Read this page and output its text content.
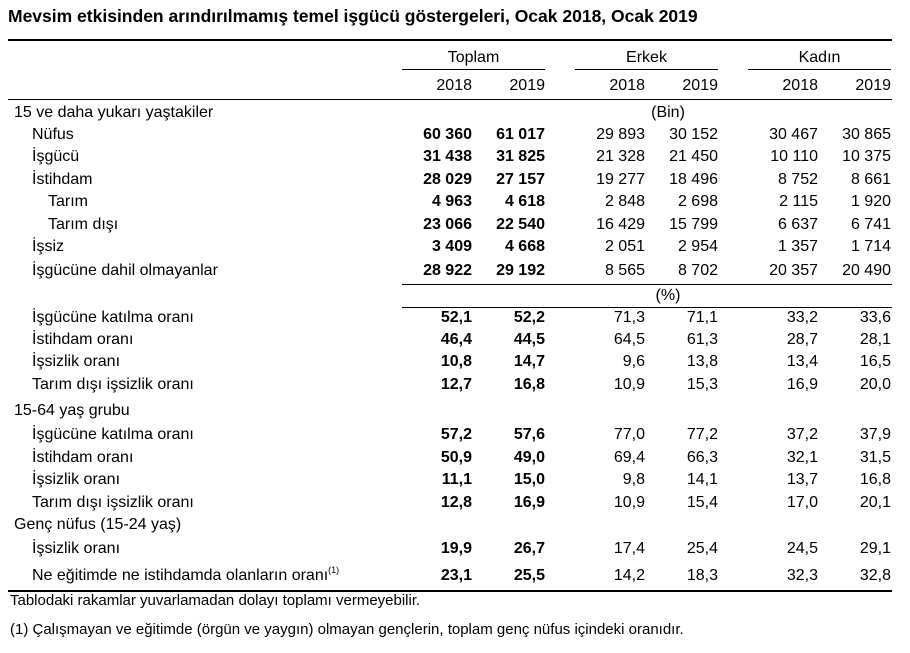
Mevsim etkisinden arındırılmamış temel işgücü göstergeleri, Ocak 2018, Ocak 2019
Toplam	Erkek	Kadın
2018	2019	2018	2019	2018	2019
15 ve daha yukarı yaştakiler	(Bin)
Nüfus	60 360	61 017	29 893	30 152	30 467	30 865
İşgücü	31 438	31 825	21 328	21 450	10 110	10 375
İstihdam	28 029	27 157	19 277	18 496	8 752	8 661
Tarım	4 963	4 618	2 848	2 698	2 115	1 920
Tarım dışı	23 066	22 540	16 429	15 799	6 637	6 741
İşsiz	3 409	4 668	2 051	2 954	1 357	1 714
İşgücüne dahil olmayanlar	28 922	29 192	8 565	8 702	20 357	20 490
(%)
İşgücüne katılma oranı	52,1	52,2	71,3	71,1	33,2	33,6
İstihdam oranı	46,4	44,5	64,5	61,3	28,7	28,1
İşsizlik oranı	10,8	14,7	9,6	13,8	13,4	16,5
Tarım dışı işsizlik oranı	12,7	16,8	10,9	15,3	16,9	20,0
15-64 yaş grubu
İşgücüne katılma oranı	57,2	57,6	77,0	77,2	37,2	37,9
İstihdam oranı	50,9	49,0	69,4	66,3	32,1	31,5
İşsizlik oranı	11,1	15,0	9,8	14,1	13,7	16,8
Tarım dışı işsizlik oranı	12,8	16,9	10,9	15,4	17,0	20,1
Genç nüfus (15-24 yaş)
İşsizlik oranı	19,9	26,7	17,4	25,4	24,5	29,1
Ne eğitimde ne istihdamda olanların oranı$^{(1)}$	23,1	25,5	14,2	18,3	32,3	32,8
Tablodaki rakamlar yuvarlamadan dolayı toplamı vermeyebilir.
(1) Çalışmayan ve eğitimde (örgün ve yaygın) olmayan gençlerin, toplam genç nüfus içindeki oranıdır.
